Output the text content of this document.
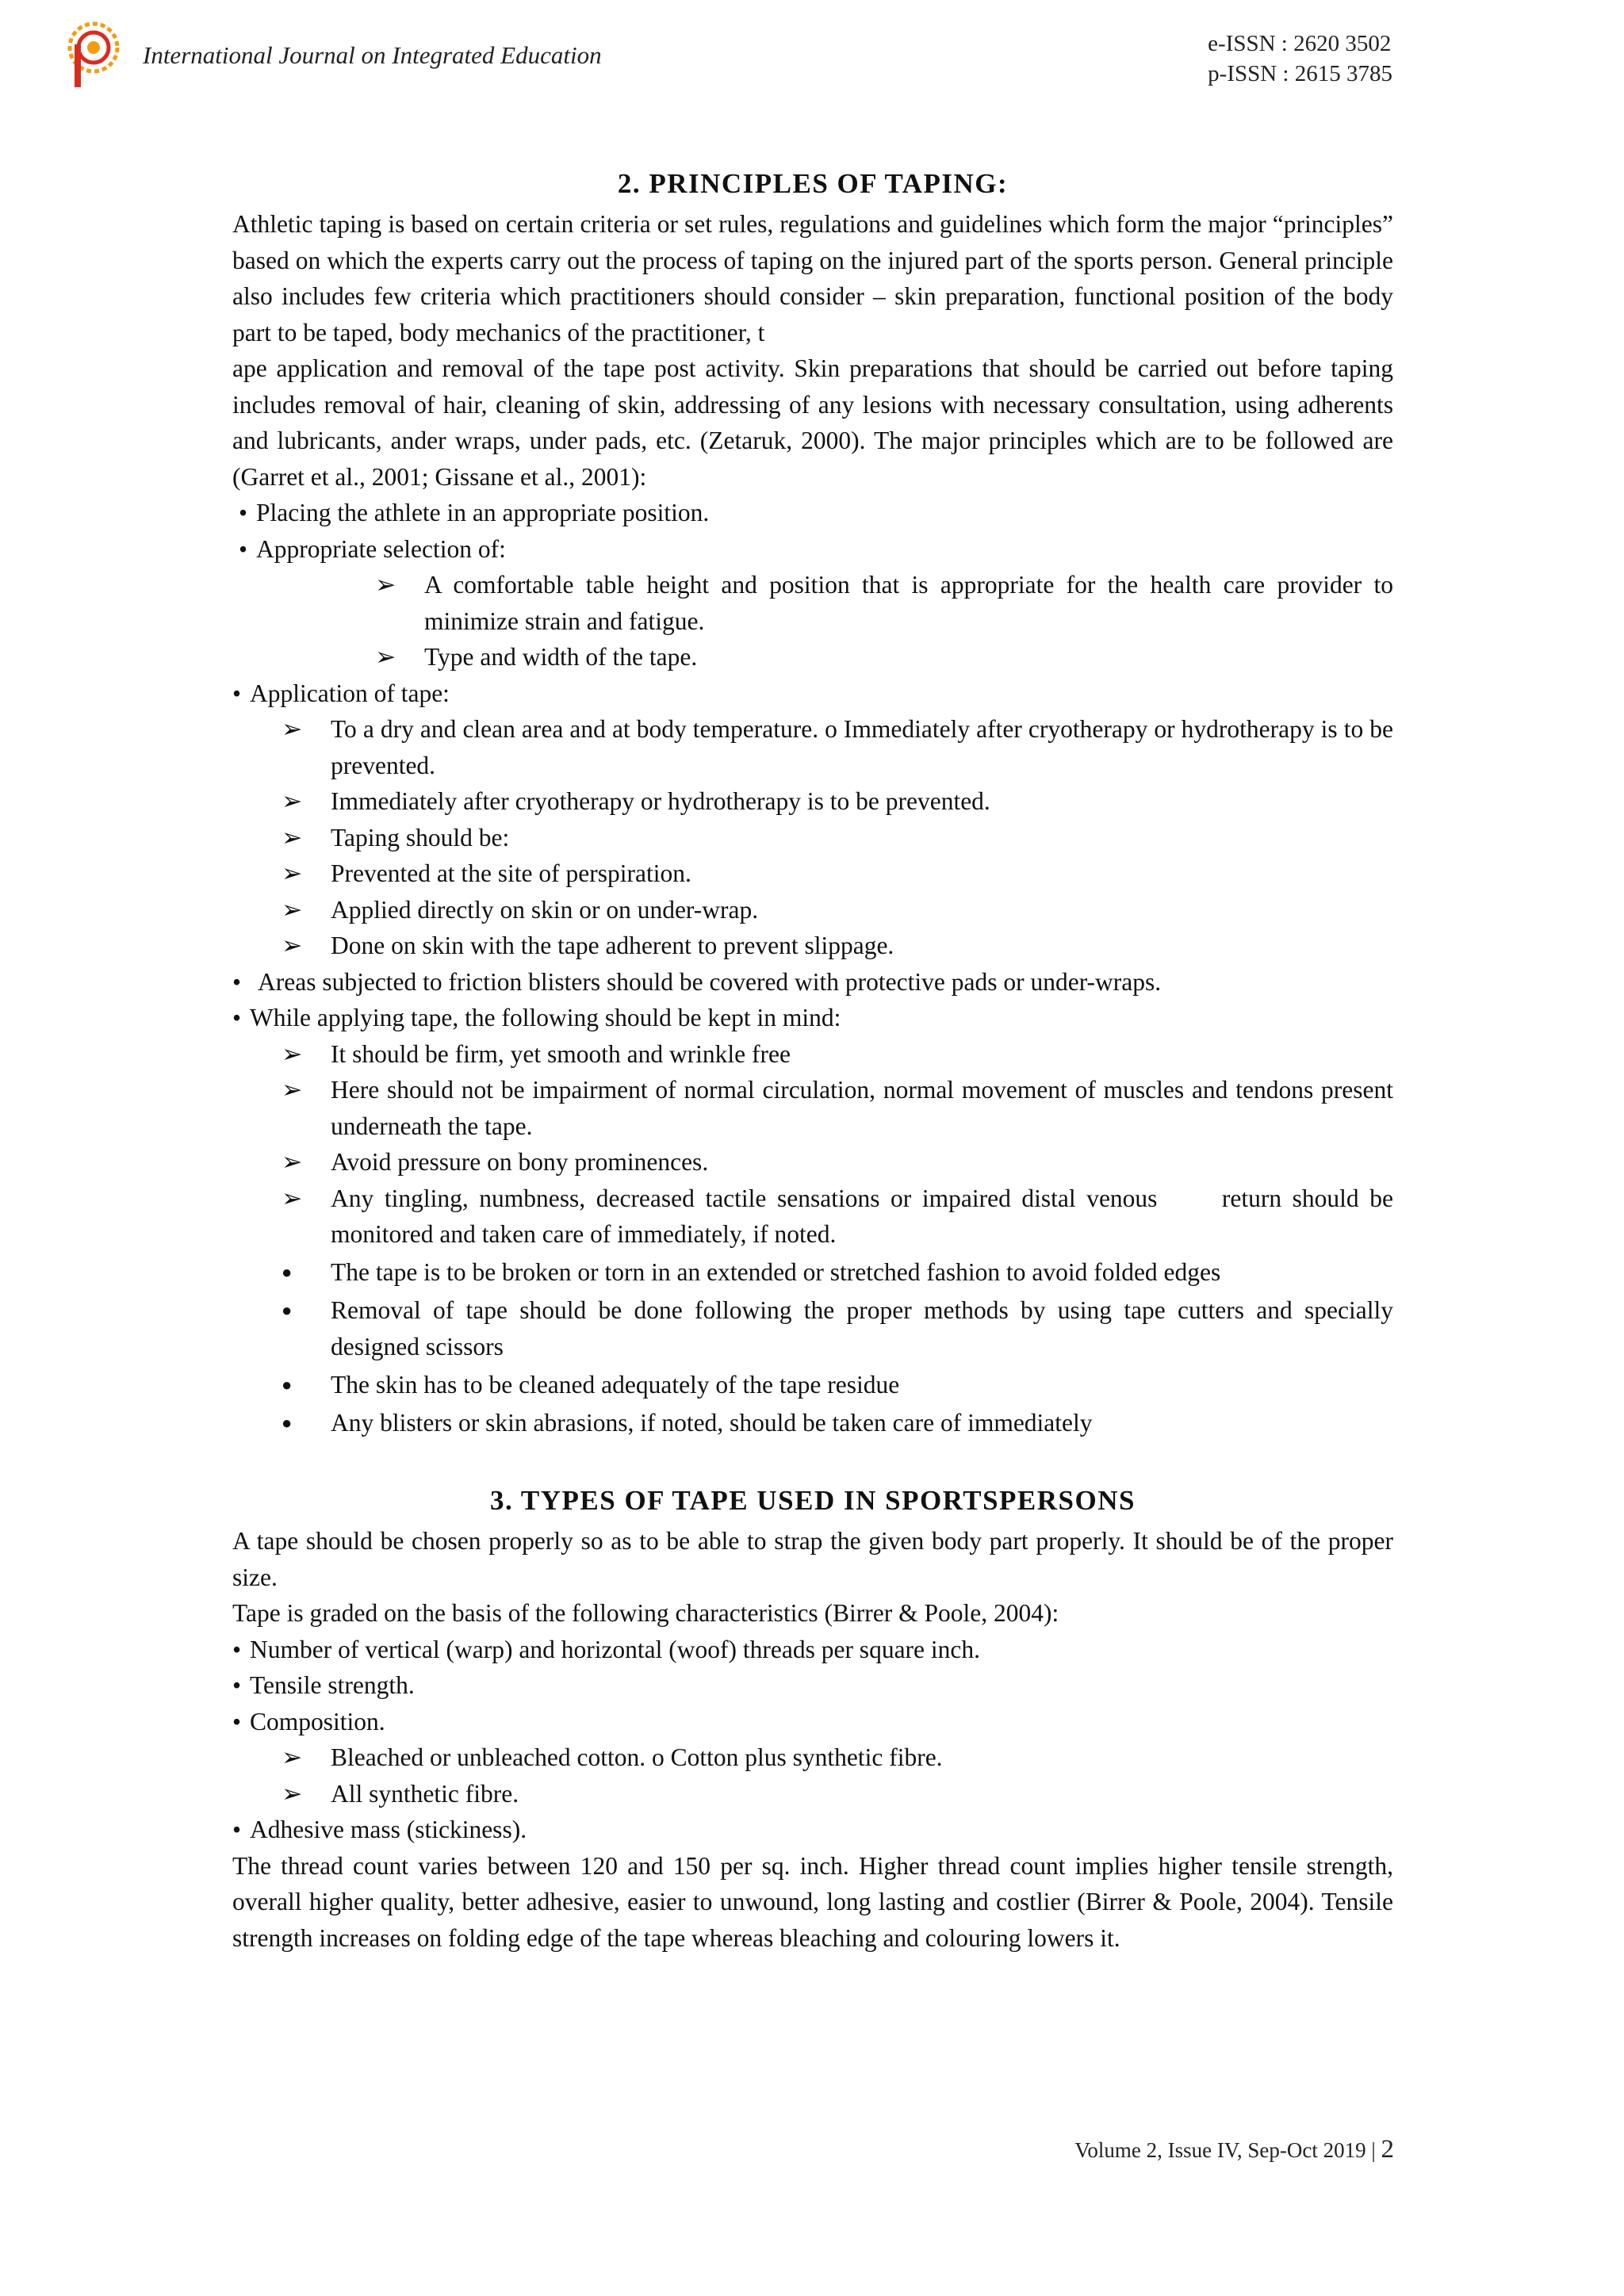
International Journal on Integrated Education	e-ISSN : 2620 3502
p-ISSN : 2615 3785
2. PRINCIPLES OF TAPING:

Athletic taping is based on certain criteria or set rules, regulations and guidelines which form the major “principles” based on which the experts carry out the process of taping on the injured part of the sports person. General principle also includes few criteria which practitioners should consider – skin preparation, functional position of the body part to be taped, body mechanics of the practitioner, t

ape application and removal of the tape post activity. Skin preparations that should be carried out before taping includes removal of hair, cleaning of skin, addressing of any lesions with necessary consultation, using adherents and lubricants, ander wraps, under pads, etc. (Zetaruk, 2000). The major principles which are to be followed are (Garret et al., 2001; Gissane et al., 2001):

• Placing the athlete in an appropriate position.
• Appropriate selection of:
➢	A comfortable table height and position that is appropriate for the health care provider to minimize strain and fatigue.
➢	Type and width of the tape.
• Application of tape:
➢	To a dry and clean area and at body temperature. o Immediately after cryotherapy or hydrotherapy is to be prevented.
➢	Immediately after cryotherapy or hydrotherapy is to be prevented.
➢	Taping should be:
➢	Prevented at the site of perspiration.
➢	Applied directly on skin or on under-wrap.
➢	Done on skin with the tape adherent to prevent slippage.
• Areas subjected to friction blisters should be covered with protective pads or under-wraps.
• While applying tape, the following should be kept in mind:
➢	It should be firm, yet smooth and wrinkle free
➢	Here should not be impairment of normal circulation, normal movement of muscles and tendons present underneath the tape.
➢	Avoid pressure on bony prominences.
➢	Any tingling, numbness, decreased tactile sensations or impaired distal venous      return should be monitored and taken care of immediately, if noted.
●	The tape is to be broken or torn in an extended or stretched fashion to avoid folded edges
●	Removal of tape should be done following the proper methods by using tape cutters and specially designed scissors
●	The skin has to be cleaned adequately of the tape residue
●	Any blisters or skin abrasions, if noted, should be taken care of immediately
3. TYPES OF TAPE USED IN SPORTSPERSONS

A tape should be chosen properly so as to be able to strap the given body part properly. It should be of the proper size.

Tape is graded on the basis of the following characteristics (Birrer & Poole, 2004):

• Number of vertical (warp) and horizontal (woof) threads per square inch.
• Tensile strength.
• Composition.
➢	Bleached or unbleached cotton. o Cotton plus synthetic fibre.
➢	All synthetic fibre.
• Adhesive mass (stickiness).

The thread count varies between 120 and 150 per sq. inch. Higher thread count implies higher tensile strength, overall higher quality, better adhesive, easier to unwound, long lasting and costlier (Birrer & Poole, 2004). Tensile strength increases on folding edge of the tape whereas bleaching and colouring lowers it.

Volume 2, Issue IV, Sep-Oct 2019 | 2
